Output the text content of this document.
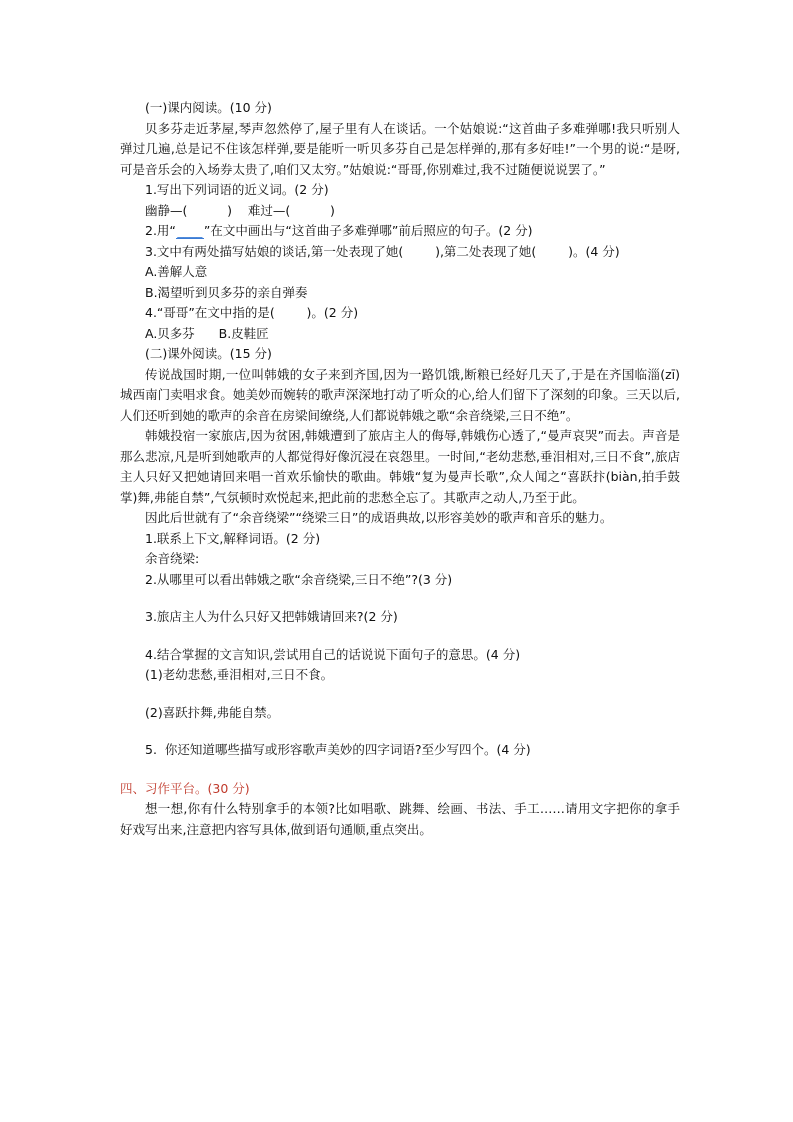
(一)课内阅读。(10 分)
贝多芬走近茅屋,琴声忽然停了,屋子里有人在谈话。一个姑娘说:“这首曲子多难弹哪!我只听别人弹过几遍,总是记不住该怎样弹,要是能听一听贝多芬自己是怎样弹的,那有多好哇!”一个男的说:“是呀,可是音乐会的入场券太贵了,咱们又太穷。”姑娘说:“哥哥,你别难过,我不过随便说说罢了。”
1.写出下列词语的近义词。(2 分)
幽静—(          )    难过—(          )
2.用“ ____ ”在文中画出与“这首曲子多难弹哪”前后照应的句子。(2 分)
3.文中有两处描写姑娘的谈话,第一处表现了她(        ),第二处表现了她(        )。(4 分)
A.善解人意
B.渴望听到贝多芬的亲自弹奏
4.“哥哥”在文中指的是(        )。(2 分)
A.贝多芬      B.皮鞋匠
(二)课外阅读。(15 分)
传说战国时期,一位叫韩娥的女子来到齐国,因为一路饥饿,断粮已经好几天了,于是在齐国临淄(zī)城西南门卖唱求食。她美妙而婉转的歌声深深地打动了听众的心,给人们留下了深刻的印象。三天以后,人们还听到她的歌声的余音在房梁间缭绕,人们都说韩娥之歌“余音绕梁,三日不绝”。
韩娥投宿一家旅店,因为贫困,韩娥遭到了旅店主人的侮辱,韩娥伤心透了,“曼声哀哭”而去。声音是那么悲凉,凡是听到她歌声的人都觉得好像沉浸在哀怨里。一时间,“老幼悲愁,垂泪相对,三日不食”,旅店主人只好又把她请回来唱一首欢乐愉快的歌曲。韩娥“复为曼声长歌”,众人闻之“喜跃抃(biàn,拍手鼓掌)舞,弗能自禁”,气氛顿时欢悦起来,把此前的悲愁全忘了。其歌声之动人,乃至于此。
因此后世就有了“余音绕梁”“绕梁三日”的成语典故,以形容美妙的歌声和音乐的魅力。
1.联系上下文,解释词语。(2 分)
余音绕梁:
2.从哪里可以看出韩娥之歌“余音绕梁,三日不绝”?(3 分)
3.旅店主人为什么只好又把韩娥请回来?(2 分)
4.结合掌握的文言知识,尝试用自己的话说说下面句子的意思。(4 分)
(1)老幼悲愁,垂泪相对,三日不食。
(2)喜跃抃舞,弗能自禁。
5.  你还知道哪些描写或形容歌声美妙的四字词语?至少写四个。(4 分)
四、习作平台。(30 分)
想一想,你有什么特别拿手的本领?比如唱歌、跳舞、绘画、书法、手工……请用文字把你的拿手好戏写出来,注意把内容写具体,做到语句通顺,重点突出。
